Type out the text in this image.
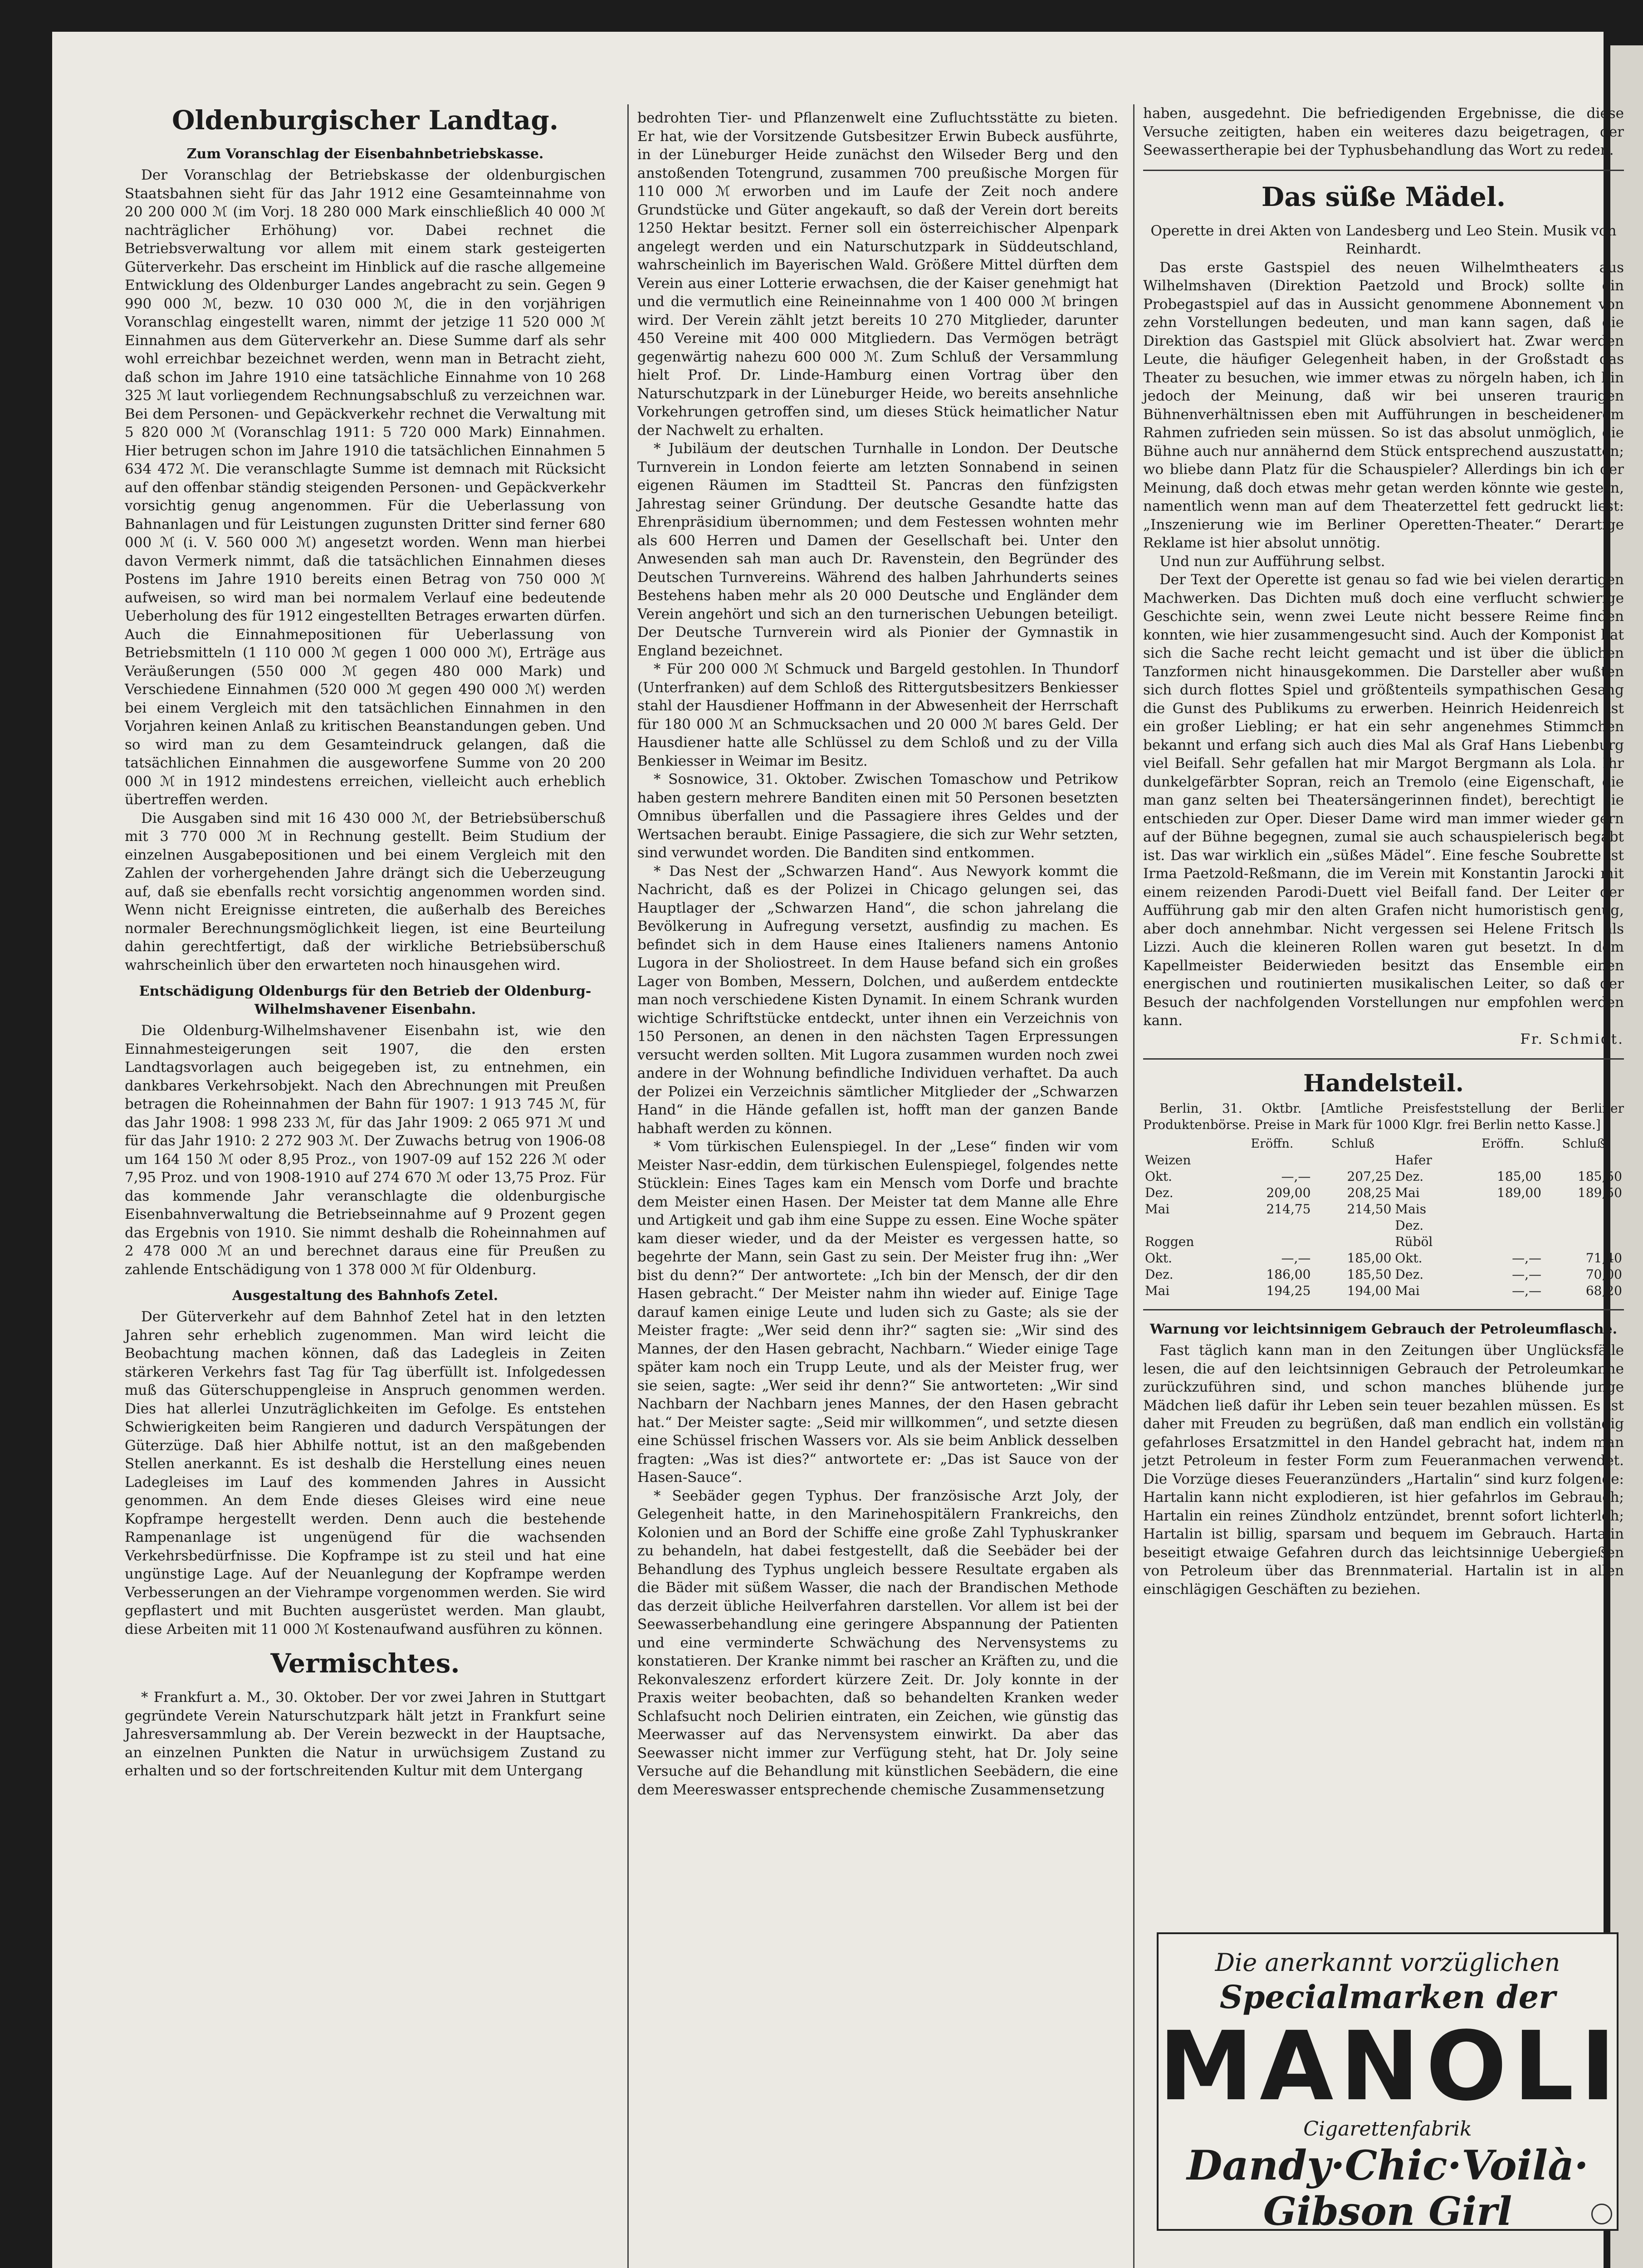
Oldenburgischer Landtag.
Zum Voranschlag der Eisenbahnbetriebskasse.

Der Voranschlag der Betriebskasse der oldenburgischen Staatsbahnen sieht für das Jahr 1912 eine Gesamteinnahme von 20 200 000 ℳ (im Vorj. 18 280 000 Mark einschließlich 40 000 ℳ nachträglicher Erhöhung) vor. Dabei rechnet die Betriebsverwaltung vor allem mit einem stark gesteigerten Güterverkehr. Das erscheint im Hinblick auf die rasche allgemeine Entwicklung des Oldenburger Landes angebracht zu sein. Gegen 9 990 000 ℳ, bezw. 10 030 000 ℳ, die in den vorjährigen Voranschlag eingestellt waren, nimmt der jetzige 11 520 000 ℳ Einnahmen aus dem Güterverkehr an. Diese Summe darf als sehr wohl erreichbar bezeichnet werden, wenn man in Betracht zieht, daß schon im Jahre 1910 eine tatsächliche Einnahme von 10 268 325 ℳ laut vorliegendem Rechnungsabschluß zu verzeichnen war. Bei dem Personen- und Gepäckverkehr rechnet die Verwaltung mit 5 820 000 ℳ (Voranschlag 1911: 5 720 000 Mark) Einnahmen. Hier betrugen schon im Jahre 1910 die tatsächlichen Einnahmen 5 634 472 ℳ. Die veranschlagte Summe ist demnach mit Rücksicht auf den offenbar ständig steigenden Personen- und Gepäckverkehr vorsichtig genug angenommen. Für die Ueberlassung von Bahnanlagen und für Leistungen zugunsten Dritter sind ferner 680 000 ℳ (i. V. 560 000 ℳ) angesetzt worden. Wenn man hierbei davon Vermerk nimmt, daß die tatsächlichen Einnahmen dieses Postens im Jahre 1910 bereits einen Betrag von 750 000 ℳ aufweisen, so wird man bei normalem Verlauf eine bedeutende Ueberholung des für 1912 eingestellten Betrages erwarten dürfen. Auch die Einnahmepositionen für Ueberlassung von Betriebsmitteln (1 110 000 ℳ gegen 1 000 000 ℳ), Erträge aus Veräußerungen (550 000 ℳ gegen 480 000 Mark) und Verschiedene Einnahmen (520 000 ℳ gegen 490 000 ℳ) werden bei einem Vergleich mit den tatsächlichen Einnahmen in den Vorjahren keinen Anlaß zu kritischen Beanstandungen geben. Und so wird man zu dem Gesamteindruck gelangen, daß die tatsächlichen Einnahmen die ausgeworfene Summe von 20 200 000 ℳ in 1912 mindestens erreichen, vielleicht auch erheblich übertreffen werden.

Die Ausgaben sind mit 16 430 000 ℳ, der Betriebsüberschuß mit 3 770 000 ℳ in Rechnung gestellt. Beim Studium der einzelnen Ausgabepositionen und bei einem Vergleich mit den Zahlen der vorhergehenden Jahre drängt sich die Ueberzeugung auf, daß sie ebenfalls recht vorsichtig angenommen worden sind. Wenn nicht Ereignisse eintreten, die außerhalb des Bereiches normaler Berechnungsmöglichkeit liegen, ist eine Beurteilung dahin gerechtfertigt, daß der wirkliche Betriebsüberschuß wahrscheinlich über den erwarteten noch hinausgehen wird.

Entschädigung Oldenburgs für den Betrieb der Oldenburg-Wilhelmshavener Eisenbahn.

Die Oldenburg-Wilhelmshavener Eisenbahn ist, wie den Einnahmesteigerungen seit 1907, die den ersten Landtagsvorlagen auch beigegeben ist, zu entnehmen, ein dankbares Verkehrsobjekt. Nach den Abrechnungen mit Preußen betragen die Roheinnahmen der Bahn für 1907: 1 913 745 ℳ, für das Jahr 1908: 1 998 233 ℳ, für das Jahr 1909: 2 065 971 ℳ und für das Jahr 1910: 2 272 903 ℳ. Der Zuwachs betrug von 1906-08 um 164 150 ℳ oder 8,95 Proz., von 1907-09 auf 152 226 ℳ oder 7,95 Proz. und von 1908-1910 auf 274 670 ℳ oder 13,75 Proz. Für das kommende Jahr veranschlagte die oldenburgische Eisenbahnverwaltung die Betriebseinnahme auf 9 Prozent gegen das Ergebnis von 1910. Sie nimmt deshalb die Roheinnahmen auf 2 478 000 ℳ an und berechnet daraus eine für Preußen zu zahlende Entschädigung von 1 378 000 ℳ für Oldenburg.

Ausgestaltung des Bahnhofs Zetel.

Der Güterverkehr auf dem Bahnhof Zetel hat in den letzten Jahren sehr erheblich zugenommen. Man wird leicht die Beobachtung machen können, daß das Ladegleis in Zeiten stärkeren Verkehrs fast Tag für Tag überfüllt ist. Infolgedessen muß das Güterschuppengleise in Anspruch genommen werden. Dies hat allerlei Unzuträglichkeiten im Gefolge. Es entstehen Schwierigkeiten beim Rangieren und dadurch Verspätungen der Güterzüge. Daß hier Abhilfe nottut, ist an den maßgebenden Stellen anerkannt. Es ist deshalb die Herstellung eines neuen Ladegleises im Lauf des kommenden Jahres in Aussicht genommen. An dem Ende dieses Gleises wird eine neue Kopframpe hergestellt werden. Denn auch die bestehende Rampenanlage ist ungenügend für die wachsenden Verkehrsbedürfnisse. Die Kopframpe ist zu steil und hat eine ungünstige Lage. Auf der Neuanlegung der Kopframpe werden Verbesserungen an der Viehrampe vorgenommen werden. Sie wird gepflastert und mit Buchten ausgerüstet werden. Man glaubt, diese Arbeiten mit 11 000 ℳ Kostenaufwand ausführen zu können.

Vermischtes.

* Frankfurt a. M., 30. Oktober. Der vor zwei Jahren in Stuttgart gegründete Verein Naturschutzpark hält jetzt in Frankfurt seine Jahresversammlung ab. Der Verein bezweckt in der Hauptsache, an einzelnen Punkten die Natur in urwüchsigem Zustand zu erhalten und so der fortschreitenden Kultur mit dem Untergang

bedrohten Tier- und Pflanzenwelt eine Zufluchtsstätte zu bieten. Er hat, wie der Vorsitzende Gutsbesitzer Erwin Bubeck ausführte, in der Lüneburger Heide zunächst den Wilseder Berg und den anstoßenden Totengrund, zusammen 700 preußische Morgen für 110 000 ℳ erworben und im Laufe der Zeit noch andere Grundstücke und Güter angekauft, so daß der Verein dort bereits 1250 Hektar besitzt. Ferner soll ein österreichischer Alpenpark angelegt werden und ein Naturschutzpark in Süddeutschland, wahrscheinlich im Bayerischen Wald. Größere Mittel dürften dem Verein aus einer Lotterie erwachsen, die der Kaiser genehmigt hat und die vermutlich eine Reineinnahme von 1 400 000 ℳ bringen wird. Der Verein zählt jetzt bereits 10 270 Mitglieder, darunter 450 Vereine mit 400 000 Mitgliedern. Das Vermögen beträgt gegenwärtig nahezu 600 000 ℳ. Zum Schluß der Versammlung hielt Prof. Dr. Linde-Hamburg einen Vortrag über den Naturschutzpark in der Lüneburger Heide, wo bereits ansehnliche Vorkehrungen getroffen sind, um dieses Stück heimatlicher Natur der Nachwelt zu erhalten.

* Jubiläum der deutschen Turnhalle in London. Der Deutsche Turnverein in London feierte am letzten Sonnabend in seinen eigenen Räumen im Stadtteil St. Pancras den fünfzigsten Jahrestag seiner Gründung. Der deutsche Gesandte hatte das Ehrenpräsidium übernommen; und dem Festessen wohnten mehr als 600 Herren und Damen der Gesellschaft bei. Unter den Anwesenden sah man auch Dr. Ravenstein, den Begründer des Deutschen Turnvereins. Während des halben Jahrhunderts seines Bestehens haben mehr als 20 000 Deutsche und Engländer dem Verein angehört und sich an den turnerischen Uebungen beteiligt. Der Deutsche Turnverein wird als Pionier der Gymnastik in England bezeichnet.

* Für 200 000 ℳ Schmuck und Bargeld gestohlen. In Thundorf (Unterfranken) auf dem Schloß des Rittergutsbesitzers Benkiesser stahl der Hausdiener Hoffmann in der Abwesenheit der Herrschaft für 180 000 ℳ an Schmucksachen und 20 000 ℳ bares Geld. Der Hausdiener hatte alle Schlüssel zu dem Schloß und zu der Villa Benkiesser in Weimar im Besitz.

* Sosnowice, 31. Oktober. Zwischen Tomaschow und Petrikow haben gestern mehrere Banditen einen mit 50 Personen besetzten Omnibus überfallen und die Passagiere ihres Geldes und der Wertsachen beraubt. Einige Passagiere, die sich zur Wehr setzten, sind verwundet worden. Die Banditen sind entkommen.

* Das Nest der „Schwarzen Hand“. Aus Newyork kommt die Nachricht, daß es der Polizei in Chicago gelungen sei, das Hauptlager der „Schwarzen Hand“, die schon jahrelang die Bevölkerung in Aufregung versetzt, ausfindig zu machen. Es befindet sich in dem Hause eines Italieners namens Antonio Lugora in der Sholiostreet. In dem Hause befand sich ein großes Lager von Bomben, Messern, Dolchen, und außerdem entdeckte man noch verschiedene Kisten Dynamit. In einem Schrank wurden wichtige Schriftstücke entdeckt, unter ihnen ein Verzeichnis von 150 Personen, an denen in den nächsten Tagen Erpressungen versucht werden sollten. Mit Lugora zusammen wurden noch zwei andere in der Wohnung befindliche Individuen verhaftet. Da auch der Polizei ein Verzeichnis sämtlicher Mitglieder der „Schwarzen Hand“ in die Hände gefallen ist, hofft man der ganzen Bande habhaft werden zu können.

* Vom türkischen Eulenspiegel. In der „Lese“ finden wir vom Meister Nasr-eddin, dem türkischen Eulenspiegel, folgendes nette Stücklein: Eines Tages kam ein Mensch vom Dorfe und brachte dem Meister einen Hasen. Der Meister tat dem Manne alle Ehre und Artigkeit und gab ihm eine Suppe zu essen. Eine Woche später kam dieser wieder, und da der Meister es vergessen hatte, so begehrte der Mann, sein Gast zu sein. Der Meister frug ihn: „Wer bist du denn?“ Der antwortete: „Ich bin der Mensch, der dir den Hasen gebracht.“ Der Meister nahm ihn wieder auf. Einige Tage darauf kamen einige Leute und luden sich zu Gaste; als sie der Meister fragte: „Wer seid denn ihr?“ sagten sie: „Wir sind des Mannes, der den Hasen gebracht, Nachbarn.“ Wieder einige Tage später kam noch ein Trupp Leute, und als der Meister frug, wer sie seien, sagte: „Wer seid ihr denn?“ Sie antworteten: „Wir sind Nachbarn der Nachbarn jenes Mannes, der den Hasen gebracht hat.“ Der Meister sagte: „Seid mir willkommen“, und setzte diesen eine Schüssel frischen Wassers vor. Als sie beim Anblick desselben fragten: „Was ist dies?“ antwortete er: „Das ist Sauce von der Hasen-Sauce“.

* Seebäder gegen Typhus. Der französische Arzt Joly, der Gelegenheit hatte, in den Marinehospitälern Frankreichs, den Kolonien und an Bord der Schiffe eine große Zahl Typhuskranker zu behandeln, hat dabei festgestellt, daß die Seebäder bei der Behandlung des Typhus ungleich bessere Resultate ergaben als die Bäder mit süßem Wasser, die nach der Brandischen Methode das derzeit übliche Heilverfahren darstellen. Vor allem ist bei der Seewasserbehandlung eine geringere Abspannung der Patienten und eine verminderte Schwächung des Nervensystems zu konstatieren. Der Kranke nimmt bei rascher an Kräften zu, und die Rekonvaleszenz erfordert kürzere Zeit. Dr. Joly konnte in der Praxis weiter beobachten, daß so behandelten Kranken weder Schlafsucht noch Delirien eintraten, ein Zeichen, wie günstig das Meerwasser auf das Nervensystem einwirkt. Da aber das Seewasser nicht immer zur Verfügung steht, hat Dr. Joly seine Versuche auf die Behandlung mit künstlichen Seebädern, die eine dem Meereswasser entsprechende chemische Zusammensetzung

haben, ausgedehnt. Die befriedigenden Ergebnisse, die diese Versuche zeitigten, haben ein weiteres dazu beigetragen, der Seewassertherapie bei der Typhusbehandlung das Wort zu reden.

Das süße Mädel.
Operette in drei Akten von Landesberg und Leo Stein. Musik von Reinhardt.

Das erste Gastspiel des neuen Wilhelmtheaters aus Wilhelmshaven (Direktion Paetzold und Brock) sollte ein Probegastspiel auf das in Aussicht genommene Abonnement von zehn Vorstellungen bedeuten, und man kann sagen, daß die Direktion das Gastspiel mit Glück absolviert hat. Zwar werden Leute, die häufiger Gelegenheit haben, in der Großstadt das Theater zu besuchen, wie immer etwas zu nörgeln haben, ich bin jedoch der Meinung, daß wir bei unseren traurigen Bühnenverhältnissen eben mit Aufführungen in bescheidenerem Rahmen zufrieden sein müssen. So ist das absolut unmöglich, die Bühne auch nur annähernd dem Stück entsprechend auszustatten; wo bliebe dann Platz für die Schauspieler? Allerdings bin ich der Meinung, daß doch etwas mehr getan werden könnte wie gestern, namentlich wenn man auf dem Theaterzettel fett gedruckt liest: „Inszenierung wie im Berliner Operetten-Theater.“ Derartige Reklame ist hier absolut unnötig.

Und nun zur Aufführung selbst.

Der Text der Operette ist genau so fad wie bei vielen derartigen Machwerken. Das Dichten muß doch eine verflucht schwierige Geschichte sein, wenn zwei Leute nicht bessere Reime finden konnten, wie hier zusammengesucht sind. Auch der Komponist hat sich die Sache recht leicht gemacht und ist über die üblichen Tanzformen nicht hinausgekommen. Die Darsteller aber wußten sich durch flottes Spiel und größtenteils sympathischen Gesang die Gunst des Publikums zu erwerben. Heinrich Heidenreich ist ein großer Liebling; er hat ein sehr angenehmes Stimmchen bekannt und erfang sich auch dies Mal als Graf Hans Liebenburg viel Beifall. Sehr gefallen hat mir Margot Bergmann als Lola. Ihr dunkelgefärbter Sopran, reich an Tremolo (eine Eigenschaft, die man ganz selten bei Theatersängerinnen findet), berechtigt sie entschieden zur Oper. Dieser Dame wird man immer wieder gern auf der Bühne begegnen, zumal sie auch schauspielerisch begabt ist. Das war wirklich ein „süßes Mädel“. Eine fesche Soubrette ist Irma Paetzold-Reßmann, die im Verein mit Konstantin Jarocki mit einem reizenden Parodi-Duett viel Beifall fand. Der Leiter der Aufführung gab mir den alten Grafen nicht humoristisch genug, aber doch annehmbar. Nicht vergessen sei Helene Fritsch als Lizzi. Auch die kleineren Rollen waren gut besetzt. In dem Kapellmeister Beiderwieden besitzt das Ensemble einen energischen und routinierten musikalischen Leiter, so daß der Besuch der nachfolgenden Vorstellungen nur empfohlen werden kann.

Fr. Schmidt.
Handelsteil.

Berlin, 31. Oktbr. [Amtliche Preisfeststellung der Berliner Produktenbörse. Preise in Mark für 1000 Klgr. frei Berlin netto Kasse.]

	Eröffn.	Schluß		Eröffn.	Schluß
Weizen			Hafer		
Okt.	—,—	207,25	Dez.	185,00	185,50
Dez.	209,00	208,25	Mai	189,00	189,50
Mai	214,75	214,50	Mais		
			Dez.		
Roggen			Rüböl		
Okt.	—,—	185,00	Okt.	—,—	71,40
Dez.	186,00	185,50	Dez.	—,—	70,00
Mai	194,25	194,00	Mai	—,—	68,20
Warnung vor leichtsinnigem Gebrauch der Petroleumflasche.

Fast täglich kann man in den Zeitungen über Unglücksfälle lesen, die auf den leichtsinnigen Gebrauch der Petroleumkanne zurückzuführen sind, und schon manches blühende junge Mädchen ließ dafür ihr Leben sein teuer bezahlen müssen. Es ist daher mit Freuden zu begrüßen, daß man endlich ein vollständig gefahrloses Ersatzmittel in den Handel gebracht hat, indem man jetzt Petroleum in fester Form zum Feueranmachen verwendet. Die Vorzüge dieses Feueranzünders „Hartalin“ sind kurz folgende: Hartalin kann nicht explodieren, ist hier gefahrlos im Gebrauch; Hartalin ein reines Zündholz entzündet, brennt sofort lichterloh; Hartalin ist billig, sparsam und bequem im Gebrauch. Hartalin beseitigt etwaige Gefahren durch das leichtsinnige Uebergießen von Petroleum über das Brennmaterial. Hartalin ist in allen einschlägigen Geschäften zu beziehen.

Die anerkannt vorzüglichen
Specialmarken der
MANOLI
Cigarettenfabrik
Dandy·Chic·Voilà·
Gibson Girl
